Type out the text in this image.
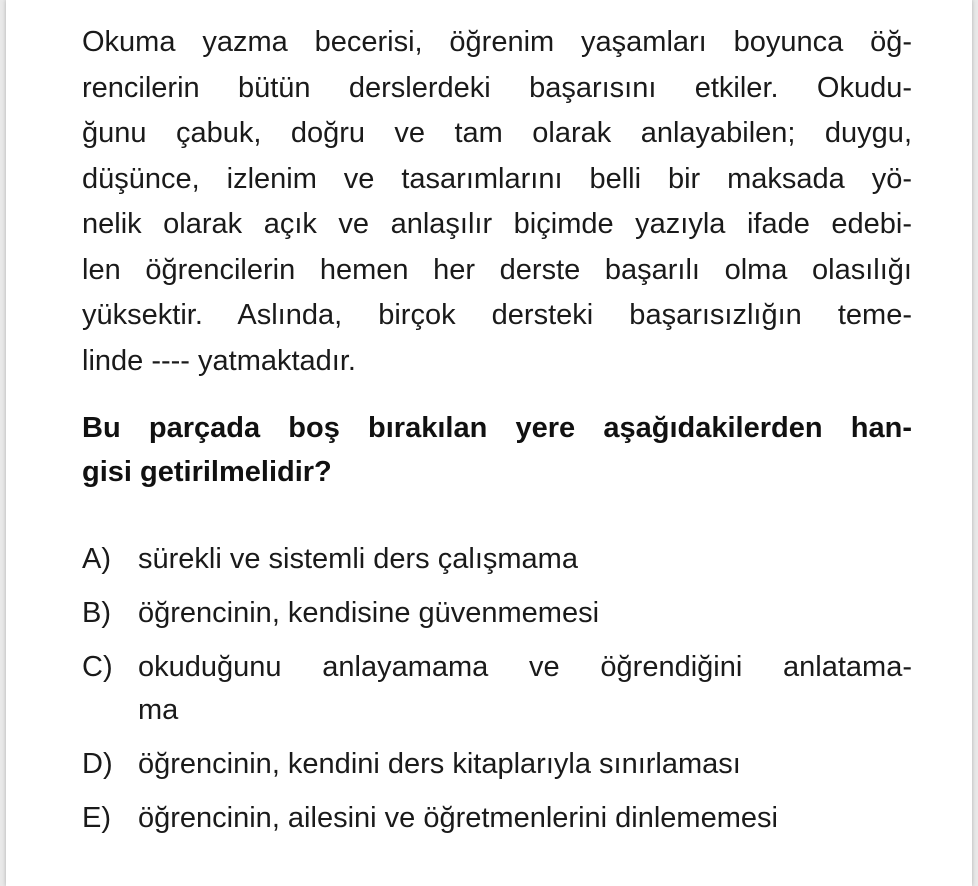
Okuma yazma becerisi, öğrenim yaşamları boyunca öğ-
rencilerin bütün derslerdeki başarısını etkiler. Okudu-
ğunu çabuk, doğru ve tam olarak anlayabilen; duygu,
düşünce, izlenim ve tasarımlarını belli bir maksada yö-
nelik olarak açık ve anlaşılır biçimde yazıyla ifade edebi-
len öğrencilerin hemen her derste başarılı olma olasılığı
yüksektir. Aslında, birçok dersteki başarısızlığın teme-
linde ---- yatmaktadır.
Bu parçada boş bırakılan yere aşağıdakilerden han-
gisi getirilmelidir?
A) sürekli ve sistemli ders çalışmama
B) öğrencinin, kendisine güvenmemesi
C) okuduğunu anlayamama ve öğrendiğini anlatama-
ma
D) öğrencinin, kendini ders kitaplarıyla sınırlaması
E) öğrencinin, ailesini ve öğretmenlerini dinlememesi
